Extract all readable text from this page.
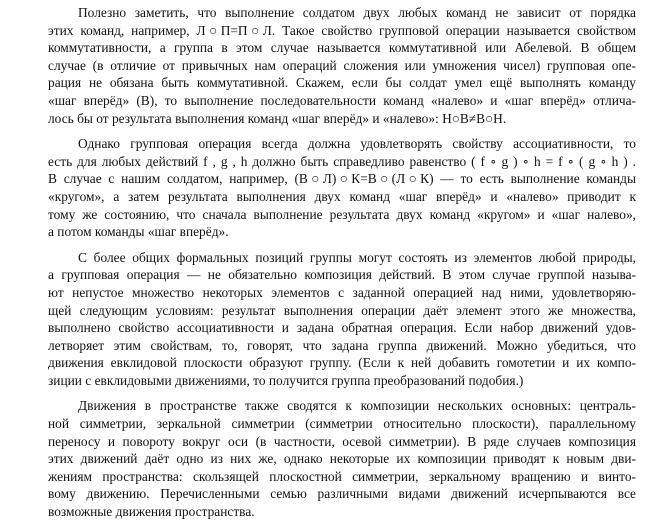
Полезно заметить, что выполнение солдатом двух любых команд не зависит от порядка
этих команд, например, Л○П=П○Л. Такое свойство групповой операции называется свойством
коммутативности, а группа в этом случае называется коммутативной или Абелевой. В общем
случае (в отличие от привычных нам операций сложения или умножения чисел) групповая опе-
рация не обязана быть коммутативной. Скажем, если бы солдат умел ещё выполнять команду
«шаг вперёд» (В), то выполнение последовательности команд «налево» и «шаг вперёд» отлича-
лось бы от результата выполнения команд «шаг вперёд» и «налево»: Н○В≠В○Н.

Однако групповая операция всегда должна удовлетворять свойству ассоциативности, то
есть для любых действий f , g , h должно быть справедливо равенство ( f ∘ g ) ∘ h = f ∘ ( g ∘ h ) .
В случае с нашим солдатом, например, (В○Л)○К=В○(Л○К) — то есть выполнение команды
«кругом», а затем результата выполнения двух команд «шаг вперёд» и «налево» приводит к
тому же состоянию, что сначала выполнение результата двух команд «кругом» и «шаг налево»,
а потом команды «шаг вперёд».

С более общих формальных позиций группы могут состоять из элементов любой природы,
а групповая операция — не обязательно композиция действий. В этом случае группой называ-
ют непустое множество некоторых элементов с заданной операцией над ними, удовлетворяю-
щей следующим условиям: результат выполнения операции даёт элемент этого же множества,
выполнено свойство ассоциативности и задана обратная операция. Если набор движений удов-
летворяет этим свойствам, то, говорят, что задана группа движений. Можно убедиться, что
движения евклидовой плоскости образуют группу. (Если к ней добавить гомотетии и их компо-
зиции с евклидовыми движениями, то получится группа преобразований подобия.)

Движения в пространстве также сводятся к композиции нескольких основных: централь-
ной симметрии, зеркальной симметрии (симметрии относительно плоскости), параллельному
переносу и повороту вокруг оси (в частности, осевой симметрии). В ряде случаев композиция
этих движений даёт одно из них же, однако некоторые их композиции приводят к новым дви-
жениям пространства: скользящей плоскостной симметрии, зеркальному вращению и винто-
вому движению. Перечисленными семью различными видами движений исчерпываются все
возможные движения пространства.
